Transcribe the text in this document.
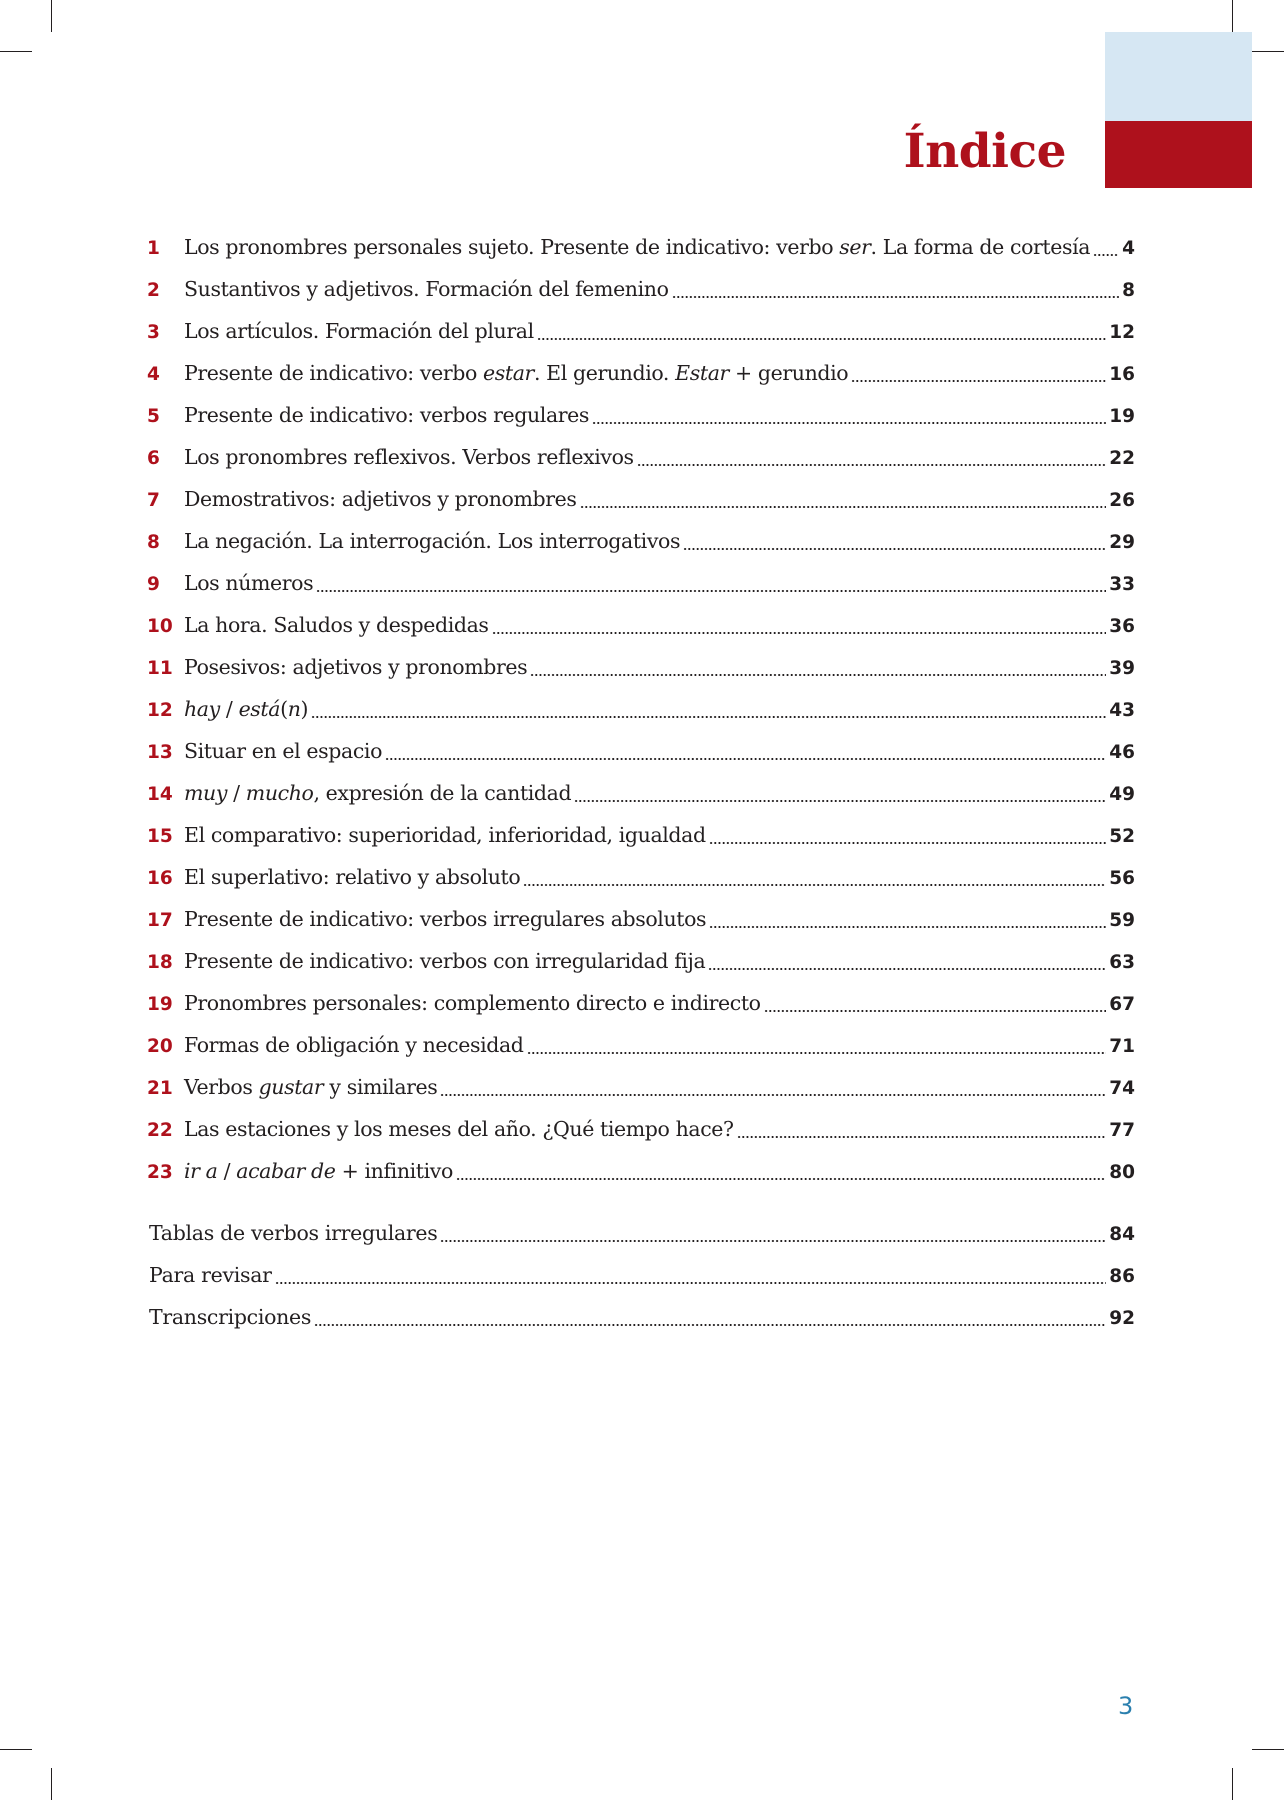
Índice
1	Los pronombres personales sujeto. Presente de indicativo: verbo ser. La forma de cortesía 4
2	Sustantivos y adjetivos. Formación del femenino	8
3	Los artículos. Formación del plural	12
4	Presente de indicativo: verbo estar. El gerundio. Estar + gerundio	16
5	Presente de indicativo: verbos regulares	19
6	Los pronombres reflexivos. Verbos reflexivos	22
7	Demostrativos: adjetivos y pronombres	26
8	La negación. La interrogación. Los interrogativos	29
9	Los números	33
10 La hora. Saludos y despedidas	36
11 Posesivos: adjetivos y pronombres	39
12 hay / está(n)	43
13 Situar en el espacio	46
14 muy / mucho, expresión de la cantidad	49
15 El comparativo: superioridad, inferioridad, igualdad	52
16 El superlativo: relativo y absoluto	56
17 Presente de indicativo: verbos irregulares absolutos	59
18 Presente de indicativo: verbos con irregularidad fija	63
19 Pronombres personales: complemento directo e indirecto	67
20 Formas de obligación y necesidad	71
21 Verbos gustar y similares	74
22 Las estaciones y los meses del año. ¿Qué tiempo hace?	77
23 ir a / acabar de + infinitivo	80
Tablas de verbos irregulares	84
Para revisar	86
Transcripciones	92
3
